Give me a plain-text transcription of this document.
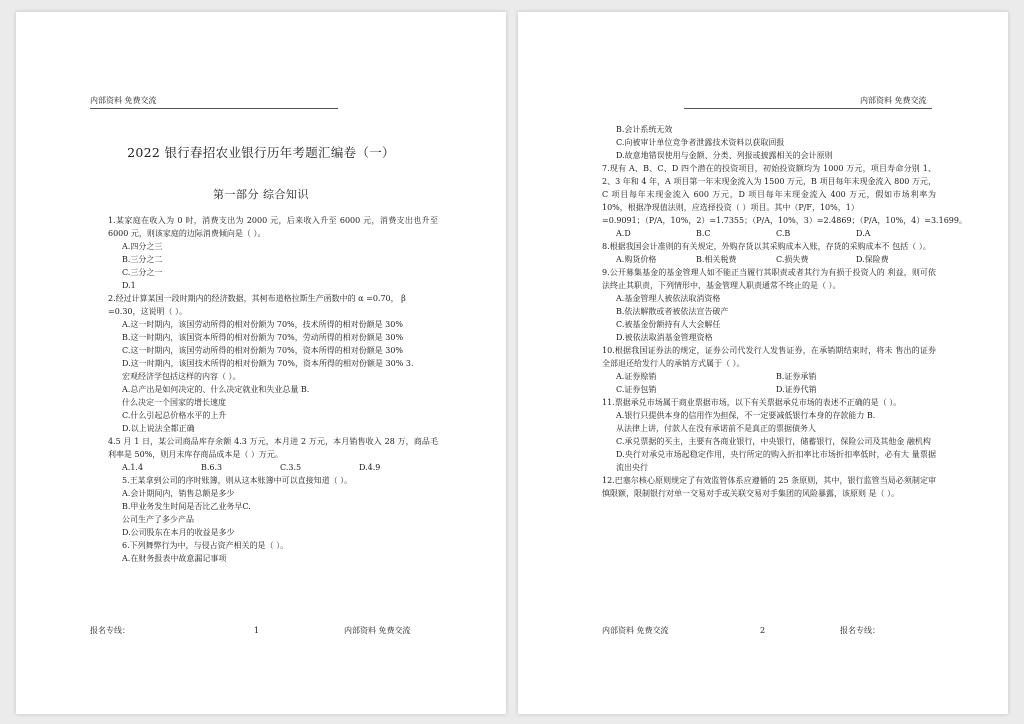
内部资料 免费交流
2022 银行春招农业银行历年考题汇编卷（一）
第一部分 综合知识

1.某家庭在收入为 0 时，消费支出为 2000 元，后来收入升至 6000 元，消费支出也升至 6000 元，则该家庭的边际消费倾向是（ ）。

A.四分之三

B.三分之二

C.三分之一

D.1

2.经过计算某国一段时期内的经济数据，其柯布道格拉斯生产函数中的 α =0.70， β

=0.30，这说明（ ）。

A.这一时期内，该国劳动所得的相对份额为 70%，技术所得的相对份额是 30%

B.这一时期内，该国资本所得的相对份额为 70%，劳动所得的相对份额是 30%

C.这一时期内，该国劳动所得的相对份额为 70%，资本所得的相对份额是 30%

D.这一时期内，该国技术所得的相对份额为 70%，资本所得的相对份额是 30% 3.

宏观经济学包括这样的内容（ ）。

A.总产出是如何决定的、什么决定就业和失业总量 B.

什么决定一个国家的增长速度

C.什么引起总价格水平的上升

D.以上说法全都正确

4.5 月 1 日，某公司商品库存余额 4.3 万元，本月进 2 万元，本月销售收入 28 万，商品毛利率是 50%，则月末库存商品成本是（ ）万元。

A.1.4	B.6.3	C.3.5	D.4.9

5.王某拿到公司的序时账簿，则从这本账簿中可以直接知道（ ）。

A.会计期间内，销售总额是多少

B.甲业务发生时间是否比乙业务早C.

公司生产了多少产品

D.公司股东在本月的收益是多少

6.下列舞弊行为中，与侵占资产相关的是（ ）。

A.在财务报表中故意漏记事项

报名专线：	1	内部资料 免费交流
内部资料 免费交流

B.会计系统无效

C.向被审计单位竞争者泄露技术资料以获取回报

D.故意地错误使用与金额、分类、列报或披露相关的会计原则

7.现有 A、B、C、D 四个潜在的投资项目，初始投资额均为 1000 万元，项目寿命分别 1、2、3 年和 4 年，A 项目第一年末现金流入为 1500 万元，B 项目每年末现金流入 800 万元，C 项目每年末现金流入 600 万元，D 项目每年末现金流入 400 万元，假如市场利率为 10%，根据净现值法则，应选择投资（ ）项目。其中（P/F，10%，1）

=0.9091；（P/A，10%，2）=1.7355；（P/A，10%，3）=2.4869；（P/A，10%，4）=3.1699。

A.D	B.C	C.B	D.A

8.根据我国会计准则的有关规定，外购存货以其采购成本入账，存货的采购成本不 包括（ ）。

A.购货价格	B.相关税费	C.损失费	D.保险费

9.公开募集基金的基金管理人如不能正当履行其职责或者其行为有损于投资人的 利益，则可依法终止其职责，下列情形中，基金管理人职责通常不终止的是（ ）。

A.基金管理人被依法取消资格

B.依法解散或者被依法宣告破产

C.被基金份额持有人大会解任

D.被依法取消基金管理资格

10.根据我国证券法的规定，证券公司代发行人发售证券，在承销期结束时，将未 售出的证券全部退还给发行人的承销方式属于（ ）。

A.证券赊销	B.证券承销
C.证券包销	D.证券代销

11.票据承兑市场属于商业票据市场，以下有关票据承兑市场的表述不正确的是（ ）。

A.银行只提供本身的信用作为担保，不一定要减低银行本身的存款能力 B.

从法律上讲，付款人在没有承诺前不是真正的票据债务人

C.承兑票据的买主，主要有各商业银行，中央银行，储蓄银行，保险公司及其他金 融机构

D.央行对承兑市场起稳定作用，央行所定的购入折扣率比市场折扣率低时，必有大 量票据流出央行

12.巴塞尔核心原则规定了有效监管体系应遵循的 25 条原则，其中，银行监管当局必须制定审慎限额，限制银行对单一交易对手或关联交易对手集团的风险暴露，该原则 是（ ）。

内部资料 免费交流	2	报名专线：
